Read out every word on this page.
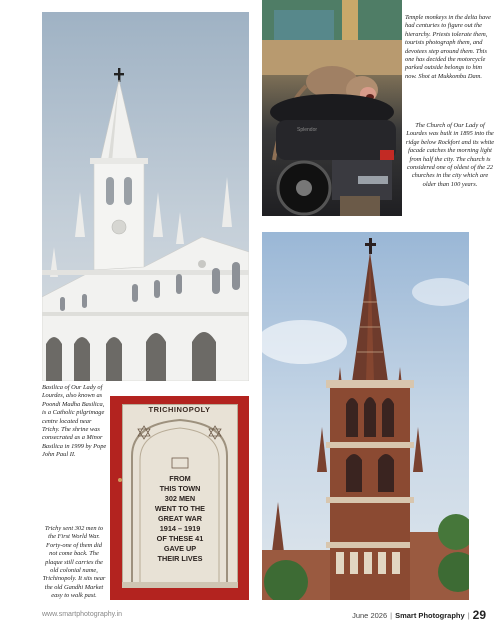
Splendor
TRICHINOPOLY
FROM
THIS TOWN
302 MEN
WENT TO THE
GREAT WAR
1914 – 1919
OF THESE 41
GAVE UP
THEIR LIVES

Temple monkeys in the delta have had centuries to figure out the hierarchy. Priests tolerate them, tourists photograph them, and devotees step around them. This one has decided the motorcycle parked outside belongs to him now. Shot at Mukkombu Dam.

The Church of Our Lady of Lourdes was built in 1895 into the ridge below Rockfort and its white facade catches the morning light from half the city. The church is considered one of oldest of the 22 churches in the city which are older than 100 years.

Basilica of Our Lady of Lourdes, also known as Poondi Madha Basilica, is a Catholic pilgrimage centre located near Trichy. The shrine was consecrated as a Minor Basilica in 1999 by Pope John Paul II.

Trichy sent 302 men to the First World War. Forty-one of them did not come back. The plaque still carries the old colonial name, Trichinopoly. It sits near the old Gandhi Market easy to walk past.

www.smartphotography.in	June 2026 | Smart Photography | 29
